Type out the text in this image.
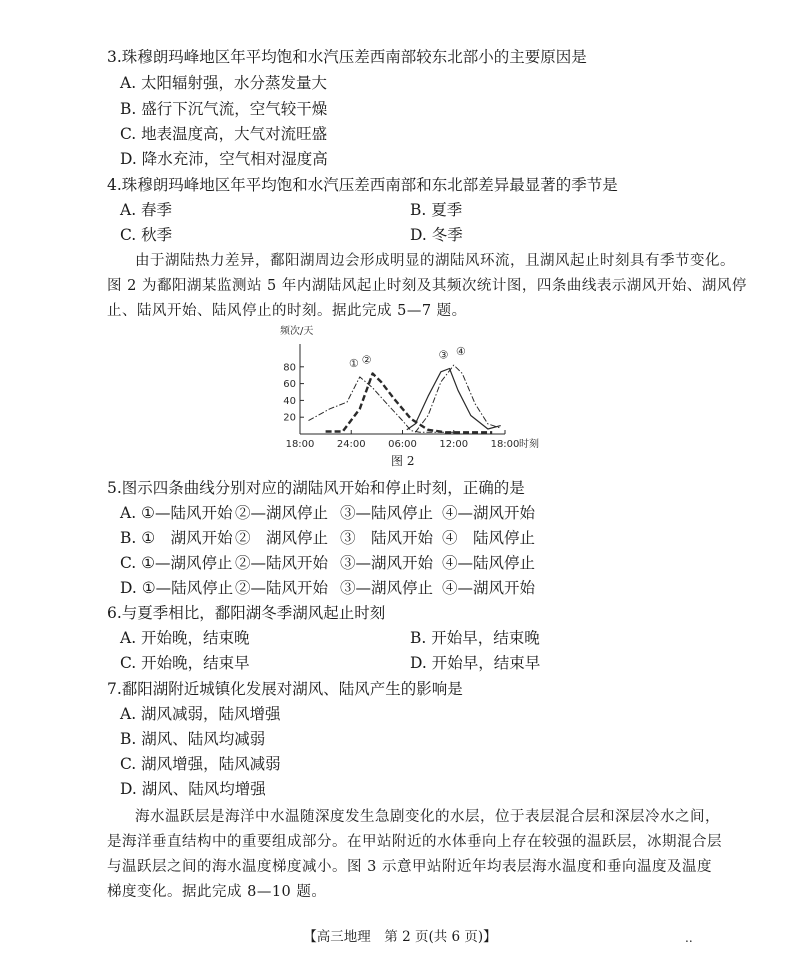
3.珠穆朗玛峰地区年平均饱和水汽压差西南部较东北部小的主要原因是
A. 太阳辐射强，水分蒸发量大
B. 盛行下沉气流，空气较干燥
C. 地表温度高，大气对流旺盛
D. 降水充沛，空气相对湿度高
4.珠穆朗玛峰地区年平均饱和水汽压差西南部和东北部差异最显著的季节是
A. 春季	B. 夏季
C. 秋季	D. 冬季
由于湖陆热力差异，鄱阳湖周边会形成明显的湖陆风环流，且湖风起止时刻具有季节变化。
图 2 为鄱阳湖某监测站 5 年内湖陆风起止时刻及其频次统计图，四条曲线表示湖风开始、湖风停
止、陆风开始、陆风停止的时刻。据此完成 5—7 题。
频次/天
20
40
60
80
18:00 24:00 06:00 12:00 18:00 时刻
① ②	③ ④
图 2
5.图示四条曲线分别对应的湖陆风开始和停止时刻，正确的是
A. ①—陆风开始 ②—湖风停止 ③—陆风停止 ④—湖风开始
B. ①　湖风开始 ②　湖风停止 ③　陆风开始 ④　陆风停止
C. ①—湖风停止 ②—陆风开始 ③—湖风开始 ④—陆风停止
D. ①—陆风停止 ②—陆风开始 ③—湖风停止 ④—湖风开始
6.与夏季相比，鄱阳湖冬季湖风起止时刻
A. 开始晚，结束晚	B. 开始早，结束晚
C. 开始晚，结束早	D. 开始早，结束早
7.鄱阳湖附近城镇化发展对湖风、陆风产生的影响是
A. 湖风减弱，陆风增强
B. 湖风、陆风均减弱
C. 湖风增强，陆风减弱
D. 湖风、陆风均增强
海水温跃层是海洋中水温随深度发生急剧变化的水层，位于表层混合层和深层冷水之间，
是海洋垂直结构中的重要组成部分。在甲站附近的水体垂向上存在较强的温跃层，冰期混合层
与温跃层之间的海水温度梯度减小。图 3 示意甲站附近年均表层海水温度和垂向温度及温度
梯度变化。据此完成 8—10 题。
【高三地理　第 2 页(共 6 页)】	..
